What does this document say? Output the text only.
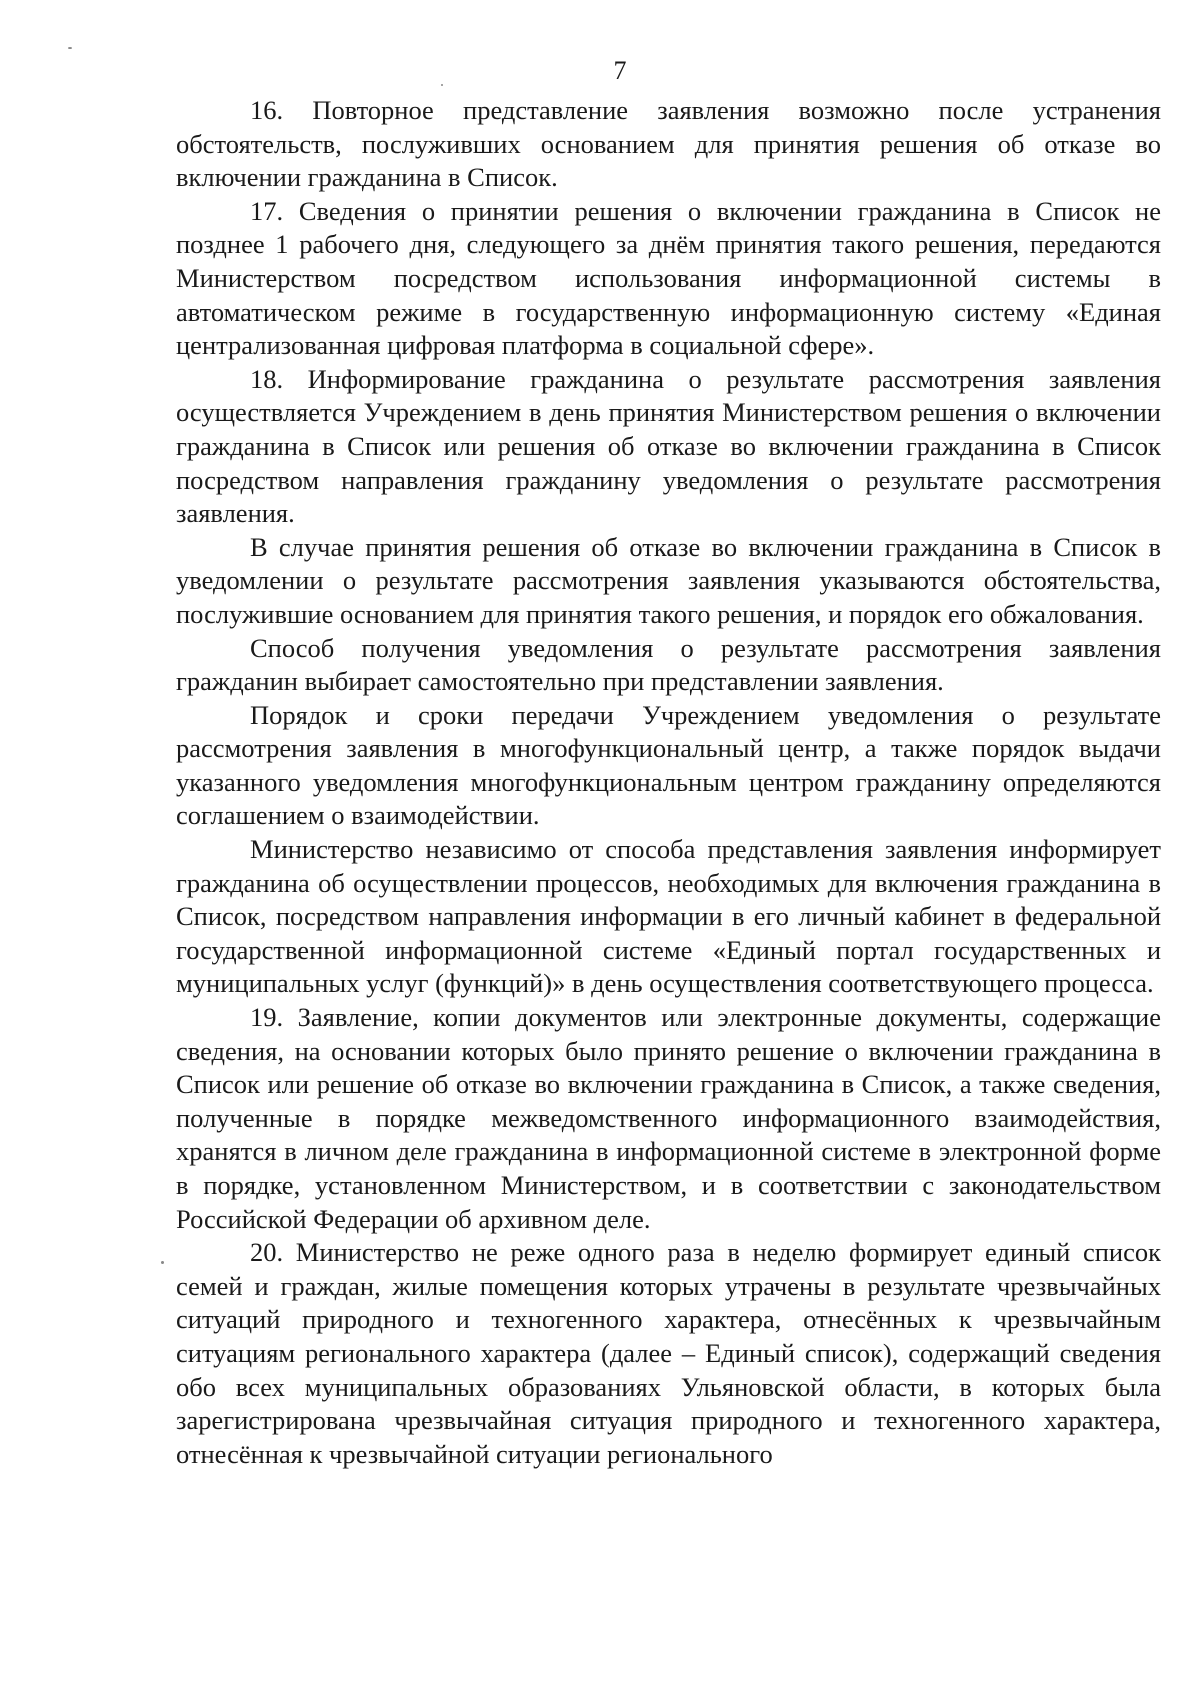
7

16. Повторное представление заявления возможно после устранения обстоятельств, послуживших основанием для принятия решения об отказе во включении гражданина в Список.

17. Сведения о принятии решения о включении гражданина в Список не позднее 1 рабочего дня, следующего за днём принятия такого решения, передаются Министерством посредством использования информационной системы в автоматическом режиме в государственную информационную систему «Единая централизованная цифровая платформа в социальной сфере».

18. Информирование гражданина о результате рассмотрения заявления осуществляется Учреждением в день принятия Министерством решения о включении гражданина в Список или решения об отказе во включении гражданина в Список посредством направления гражданину уведомления о результате рассмотрения заявления.

В случае принятия решения об отказе во включении гражданина в Список в уведомлении о результате рассмотрения заявления указываются обстоятельства, послужившие основанием для принятия такого решения, и порядок его обжалования.

Способ получения уведомления о результате рассмотрения заявления гражданин выбирает самостоятельно при представлении заявления.

Порядок и сроки передачи Учреждением уведомления о результате рассмотрения заявления в многофункциональный центр, а также порядок выдачи указанного уведомления многофункциональным центром гражданину определяются соглашением о взаимодействии.

Министерство независимо от способа представления заявления информирует гражданина об осуществлении процессов, необходимых для включения гражданина в Список, посредством направления информации в его личный кабинет в федеральной государственной информационной системе «Единый портал государственных и муниципальных услуг (функций)» в день осуществления соответствующего процесса.

19. Заявление, копии документов или электронные документы, содержащие сведения, на основании которых было принято решение о включении гражданина в Список или решение об отказе во включении гражданина в Список, а также сведения, полученные в порядке межведомственного информационного взаимодействия, хранятся в личном деле гражданина в информационной системе в электронной форме в порядке, установленном Министерством, и в соответствии с законодательством Российской Федерации об архивном деле.

20. Министерство не реже одного раза в неделю формирует единый список семей и граждан, жилые помещения которых утрачены в результате чрезвычайных ситуаций природного и техногенного характера, отнесённых к чрезвычайным ситуациям регионального характера (далее – Единый список), содержащий сведения обо всех муниципальных образованиях Ульяновской области, в которых была зарегистрирована чрезвычайная ситуация природного и техногенного характера, отнесённая к чрезвычайной ситуации регионального
